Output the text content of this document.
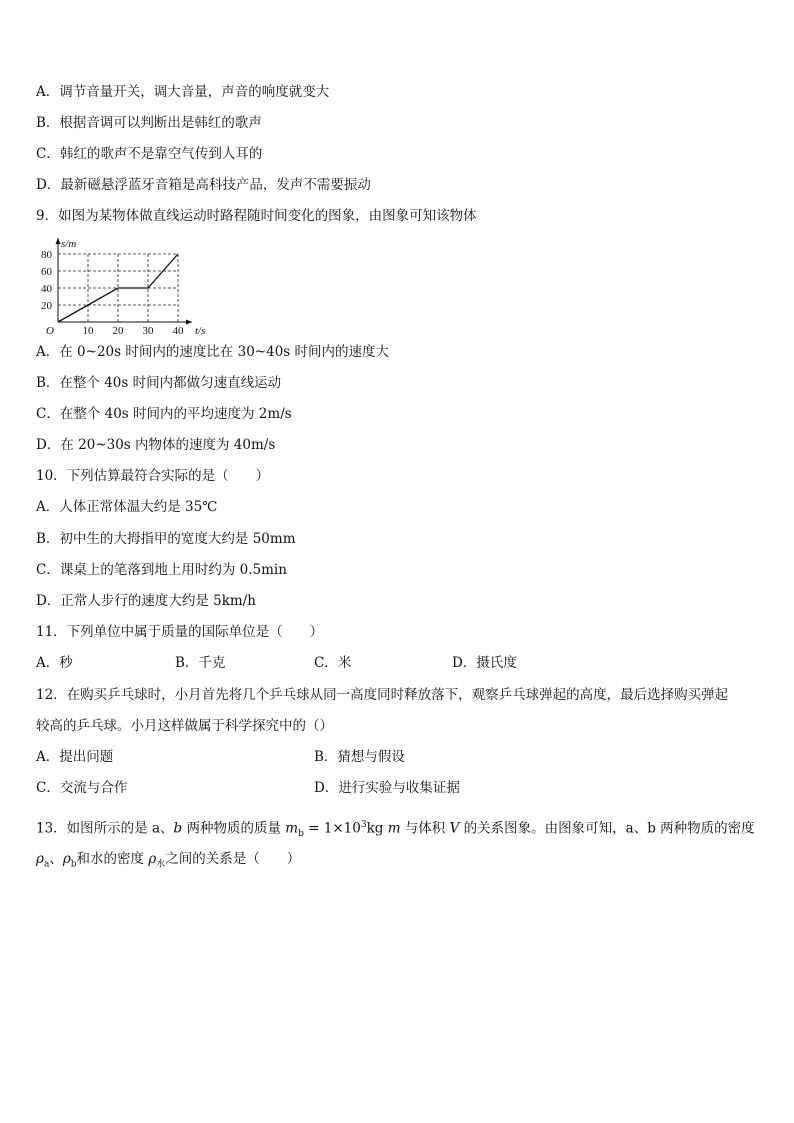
A．调节音量开关，调大音量，声音的响度就变大
B．根据音调可以判断出是韩红的歌声
C．韩红的歌声不是靠空气传到人耳的
D．最新磁悬浮蓝牙音箱是高科技产品，发声不需要振动
9．如图为某物体做直线运动时路程随时间变化的图象，由图象可知该物体
10 20 30 40
20
40
60
80
O	t/s
s/m
A．在 0~20s 时间内的速度比在 30~40s 时间内的速度大
B．在整个 40s 时间内都做匀速直线运动
C．在整个 40s 时间内的平均速度为 2m/s
D．在 20~30s 内物体的速度为 40m/s
10．下列估算最符合实际的是（　　）
A．人体正常体温大约是 35℃
B．初中生的大拇指甲的宽度大约是 50mm
C．课桌上的笔落到地上用时约为 0.5min
D．正常人步行的速度大约是 5km/h
11．下列单位中属于质量的国际单位是（　　）
A．秒	B．千克	C．米	D．摄氏度
12．在购买乒乓球时，小月首先将几个乒乓球从同一高度同时释放落下，观察乒乓球弹起的高度，最后选择购买弹起
较高的乒乓球。小月这样做属于科学探究中的（）
A．提出问题	B．猜想与假设
C．交流与合作	D．进行实验与收集证据
13．如图所示的是 a、b 两种物质的质量 $m_b = 1\times 10^3kg$ m 与体积 V 的关系图象。由图象可知，a、b 两种物质的密度
$\rho_a$、$\rho_b$和水的密度 $\rho_水$之间的关系是（　　）
